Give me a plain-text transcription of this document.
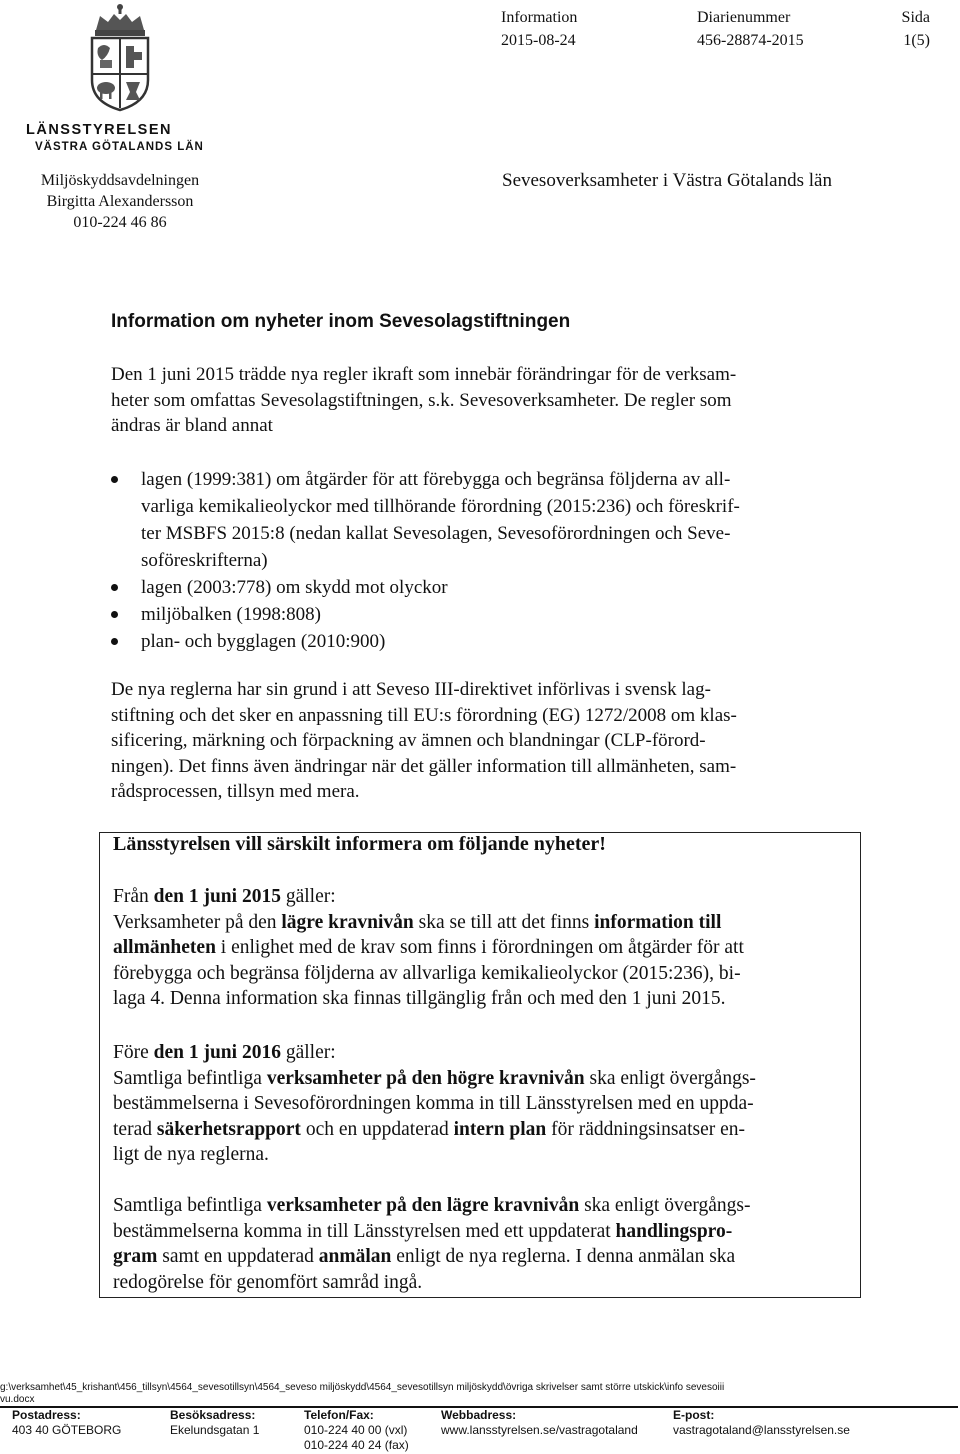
LÄNSSTYRELSEN
VÄSTRA GÖTALANDS LÄN
Miljöskyddsavdelningen
Birgitta Alexandersson
010-224 46 86
Information
2015-08-24
Diarienummer
456-28874-2015
Sida
1(5)
Sevesoverksamheter i Västra Götalands län
Information om nyheter inom Sevesolagstiftningen
Den 1 juni 2015 trädde nya regler ikraft som innebär förändringar för de verksam-
heter som omfattas Sevesolagstiftningen, s.k. Sevesoverksamheter. De regler som
ändras är bland annat
lagen (1999:381) om åtgärder för att förebygga och begränsa följderna av all-
varliga kemikalieolyckor med tillhörande förordning (2015:236) och föreskrif-
ter MSBFS 2015:8 (nedan kallat Sevesolagen, Sevesoförordningen och Seve-
soföreskrifterna)
lagen (2003:778) om skydd mot olyckor
miljöbalken (1998:808)
plan- och bygglagen (2010:900)
De nya reglerna har sin grund i att Seveso III-direktivet införlivas i svensk lag-
stiftning och det sker en anpassning till EU:s förordning (EG) 1272/2008 om klas-
sificering, märkning och förpackning av ämnen och blandningar (CLP-förord-
ningen). Det finns även ändringar när det gäller information till allmänheten, sam-
rådsprocessen, tillsyn med mera.
Länsstyrelsen vill särskilt informera om följande nyheter!
Från den 1 juni 2015 gäller:
Verksamheter på den lägre kravnivån ska se till att det finns information till
allmänheten i enlighet med de krav som finns i förordningen om åtgärder för att
förebygga och begränsa följderna av allvarliga kemikalieolyckor (2015:236), bi-
laga 4. Denna information ska finnas tillgänglig från och med den 1 juni 2015.
Före den 1 juni 2016 gäller:
Samtliga befintliga verksamheter på den högre kravnivån ska enligt övergångs-
bestämmelserna i Sevesoförordningen komma in till Länsstyrelsen med en uppda-
terad säkerhetsrapport och en uppdaterad intern plan för räddningsinsatser en-
ligt de nya reglerna.
Samtliga befintliga verksamheter på den lägre kravnivån ska enligt övergångs-
bestämmelserna komma in till Länsstyrelsen med ett uppdaterat handlingspro-
gram samt en uppdaterad anmälan enligt de nya reglerna. I denna anmälan ska
redogörelse för genomfört samråd ingå.
g:\verksamhet\45_krishant\456_tillsyn\4564_sevesotillsyn\4564_seveso miljöskydd\4564_sevesotillsyn miljöskydd\övriga skrivelser samt större utskick\info sevesoiii
vu.docx
Postadress:
403 40 GÖTEBORG
Besöksadress:
Ekelundsgatan 1
Telefon/Fax:
010-224 40 00 (vxl)
010-224 40 24 (fax)
Webbadress:
www.lansstyrelsen.se/vastragotaland
E-post:
vastragotaland@lansstyrelsen.se
